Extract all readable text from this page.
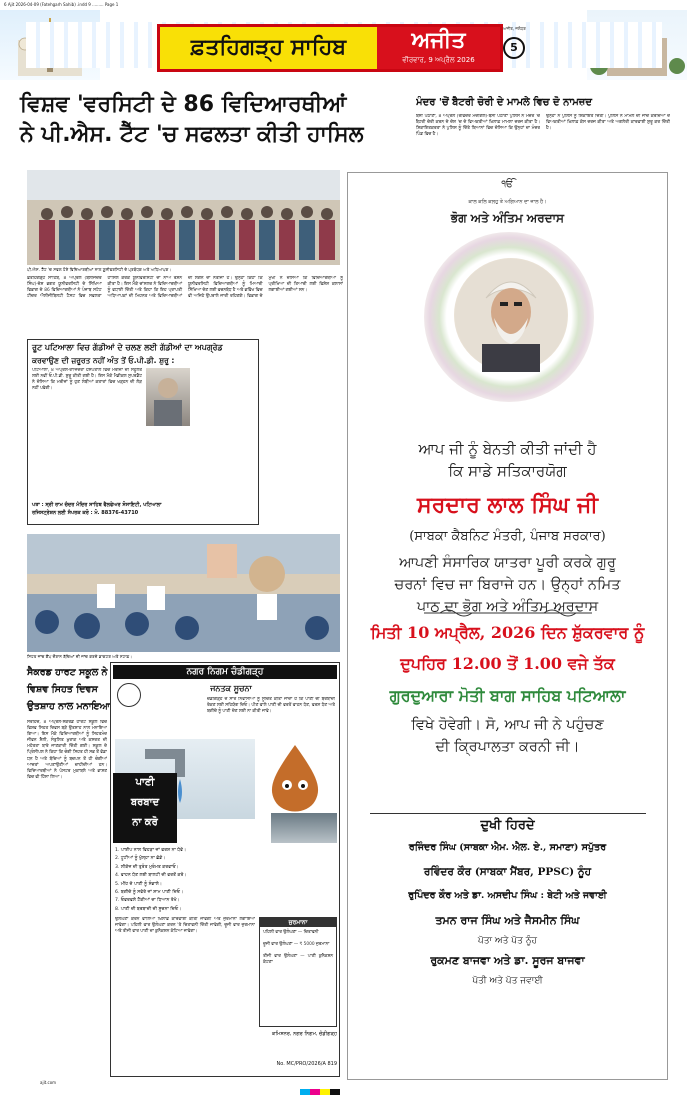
6 Ajit 2026-04-09 (Fatehgarh Sahib) .indd 9 ......... Page 1
ਫ਼ਤਹਿਗੜ੍ਹ ਸਾਹਿਬ	ਅਜੀਤ
ਵੀਰਵਾਰ, 9 ਅਪ੍ਰੈਲ 2026
ਅਜੀਤ, ਜਲੰਧਰ
5
ਵਿਸ਼ਵ 'ਵਰਸਿਟੀ ਦੇ 86 ਵਿਦਿਆਰਥੀਆਂ
ਨੇ ਪੀ.ਐਸ. ਟੈੱਟ 'ਚ ਸਫਲਤਾ ਕੀਤੀ ਹਾਸਿਲ
ਮੰਦਰ 'ਚੋਂ ਬੈਟਰੀ ਚੋਰੀ ਦੇ ਮਾਮਲੇ ਵਿਚ ਦੋ ਨਾਮਜ਼ਦ
ਬਸੀ ਪਠਾਣਾਂ, 8 ਅਪ੍ਰੈਲ (ਰਵਿੰਦਰ ਮੌਦਗਿਲ)-ਬਸੀ ਪਠਾਣਾਂ ਪੁਲਿਸ ਨੇ ਮੰਦਰ 'ਚੋਂ ਬੈਟਰੀ ਚੋਰੀ ਕਰਨ ਦੇ ਦੋਸ਼ 'ਚ ਦੋ ਵਿਅਕਤੀਆਂ ਖ਼ਿਲਾਫ਼ ਮਾਮਲਾ ਦਰਜ ਕੀਤਾ ਹੈ। ਸ਼ਿਕਾਇਤਕਰਤਾ ਨੇ ਪੁਲਿਸ ਨੂੰ ਦਿੱਤੇ ਬਿਆਨਾਂ ਵਿਚ ਦੱਸਿਆ ਕਿ ਉਨ੍ਹਾਂ ਦਾ ਮੰਦਰ ਪਿੰਡ ਵਿਚ ਹੈ।
ਉਨ੍ਹਾਂ ਨੇ ਪੁਲਿਸ ਨੂੰ ਸ਼ਿਕਾਇਤ ਦਿੱਤੀ। ਪੁਲਿਸ ਨੇ ਮਾਮਲੇ ਦੀ ਜਾਂਚ ਕਰਦਿਆਂ ਦੋ ਵਿਅਕਤੀਆਂ ਖ਼ਿਲਾਫ਼ ਕੇਸ ਦਰਜ ਕੀਤਾ ਅਤੇ ਅਗਲੇਰੀ ਕਾਰਵਾਈ ਸ਼ੁਰੂ ਕਰ ਦਿੱਤੀ ਹੈ।
ਪੀ.ਐਸ. ਟੈੱਟ 'ਚ ਸਫਲ ਹੋਏ ਵਿਦਿਆਰਥੀਆਂ ਨਾਲ ਯੂਨੀਵਰਸਿਟੀ ਦੇ ਪ੍ਰਬੰਧਕ ਅਤੇ ਅਧਿਆਪਕ।
ਫ਼ਤਹਿਗੜ੍ਹ ਸਾਹਿਬ, 8 ਅਪ੍ਰੈਲ (ਬਲਜਿੰਦਰ ਸਿੰਘ)-ਦੇਸ਼ ਭਗਤ ਯੂਨੀਵਰਸਿਟੀ ਦੇ ਸਿੱਖਿਆ ਵਿਭਾਗ ਦੇ 86 ਵਿਦਿਆਰਥੀਆਂ ਨੇ ਪੰਜਾਬ ਸਟੇਟ ਟੀਚਰ ਐਲੀਜੀਬਿਲਟੀ ਟੈਸਟ ਵਿਚ ਸਫਲਤਾ ਹਾਸਿਲ ਕਰਕੇ ਯੂਨੀਵਰਸਿਟੀ ਦਾ ਨਾਂਅ ਰੌਸ਼ਨ ਕੀਤਾ ਹੈ। ਇਸ ਮੌਕੇ ਚਾਂਸਲਰ ਨੇ ਵਿਦਿਆਰਥੀਆਂ ਨੂੰ ਵਧਾਈ ਦਿੱਤੀ ਅਤੇ ਕਿਹਾ ਕਿ ਇਹ ਪ੍ਰਾਪਤੀ ਅਧਿਆਪਕਾਂ ਦੀ ਮਿਹਨਤ ਅਤੇ ਵਿਦਿਆਰਥੀਆਂ ਦੀ ਲਗਨ ਦਾ ਨਤੀਜਾ ਹੈ। ਉਨ੍ਹਾਂ ਕਿਹਾ ਕਿ ਯੂਨੀਵਰਸਿਟੀ ਵਿਦਿਆਰਥੀਆਂ ਨੂੰ ਮਿਆਰੀ ਸਿੱਖਿਆ ਦੇਣ ਲਈ ਵਚਨਬੱਧ ਹੈ ਅਤੇ ਭਵਿੱਖ ਵਿਚ ਵੀ ਅਜਿਹੇ ਉਪਰਾਲੇ ਜਾਰੀ ਰਹਿਣਗੇ। ਵਿਭਾਗ ਦੇ ਮੁਖੀ ਨੇ ਦੱਸਿਆ ਕਿ ਵਿਦਿਆਰਥੀਆਂ ਨੂੰ ਪ੍ਰੀਖਿਆ ਦੀ ਤਿਆਰੀ ਲਈ ਵਿਸ਼ੇਸ਼ ਕਲਾਸਾਂ ਲਗਾਈਆਂ ਗਈਆਂ ਸਨ।
ਰੂਟ ਪਟਿਆਲਾ ਵਿਚ ਗੱਡੀਆਂ ਦੇ ਚਲਣ ਲਈ ਗੱਡੀਆਂ ਦਾ ਅਪਗ੍ਰੇਡ
ਕਰਵਾਉਣ ਦੀ ਜ਼ਰੂਰਤ ਨਹੀਂ ਅੰਤ ਤੋਂ ਓ.ਪੀ.ਡੀ. ਸ਼ੁਰੂ :
ਪਟਿਆਲਾ, 8 ਅਪ੍ਰੈਲ-ਰਾਜਿੰਦਰਾ ਹਸਪਤਾਲ ਵਿਚ ਮਰੀਜ਼ਾਂ ਦੀ ਸਹੂਲਤ ਲਈ ਨਵੀਂ ਓ.ਪੀ.ਡੀ. ਸ਼ੁਰੂ ਕੀਤੀ ਗਈ ਹੈ। ਇਸ ਮੌਕੇ ਮੈਡੀਕਲ ਸੁਪਰਡੈਂਟ ਨੇ ਦੱਸਿਆ ਕਿ ਮਰੀਜ਼ਾਂ ਨੂੰ ਹੁਣ ਲੰਬੀਆਂ ਕਤਾਰਾਂ ਵਿਚ ਖੜ੍ਹਨ ਦੀ ਲੋੜ ਨਹੀਂ ਪਵੇਗੀ।
ਪਤਾ : ਸ੍ਰੀ ਰਾਮ ਚੰਦਰ ਮੰਦਿਰ ਸਾਹਿਬ ਵੈਲਫੇਅਰ ਸੋਸਾਇਟੀ, ਪਟਿਆਲਾ
ਰਜਿਸਟ੍ਰੇਸ਼ਨ ਲਈ ਸੰਪਰਕ ਕਰੋ : ਮੋ. 88376-43710
ਸਿਹਤ ਜਾਂਚ ਕੈਂਪ ਦੌਰਾਨ ਬੱਚਿਆਂ ਦੀ ਜਾਂਚ ਕਰਦੇ ਡਾਕਟਰ ਅਤੇ ਸਟਾਫ਼।
ਸੈਕਰਡ ਹਾਰਟ ਸਕੂਲ ਨੇ
ਵਿਸ਼ਵ ਸਿਹਤ ਦਿਵਸ
ਉਤਸ਼ਾਹ ਨਾਲ ਮਨਾਇਆ
ਸਰਹਿੰਦ, 8 ਅਪ੍ਰੈਲ-ਸੈਕਰਡ ਹਾਰਟ ਸਕੂਲ ਵਿਚ ਵਿਸ਼ਵ ਸਿਹਤ ਦਿਵਸ ਬੜੇ ਉਤਸ਼ਾਹ ਨਾਲ ਮਨਾਇਆ ਗਿਆ। ਇਸ ਮੌਕੇ ਵਿਦਿਆਰਥੀਆਂ ਨੂੰ ਸਿਹਤਮੰਦ ਜੀਵਨ ਸ਼ੈਲੀ, ਸੰਤੁਲਿਤ ਖ਼ੁਰਾਕ ਅਤੇ ਕਸਰਤ ਦੀ ਮਹੱਤਤਾ ਬਾਰੇ ਜਾਣਕਾਰੀ ਦਿੱਤੀ ਗਈ। ਸਕੂਲ ਦੇ ਪ੍ਰਿੰਸੀਪਲ ਨੇ ਕਿਹਾ ਕਿ ਚੰਗੀ ਸਿਹਤ ਹੀ ਸਭ ਤੋਂ ਵੱਡਾ ਧਨ ਹੈ ਅਤੇ ਬੱਚਿਆਂ ਨੂੰ ਬਚਪਨ ਤੋਂ ਹੀ ਚੰਗੀਆਂ ਆਦਤਾਂ ਅਪਣਾਉਣੀਆਂ ਚਾਹੀਦੀਆਂ ਹਨ। ਵਿਦਿਆਰਥੀਆਂ ਨੇ ਪੋਸਟਰ ਮੁਕਾਬਲੇ ਅਤੇ ਭਾਸ਼ਣ ਵਿਚ ਵੀ ਹਿੱਸਾ ਲਿਆ।
ਨਗਰ ਨਿਗਮ ਚੰਡੀਗੜ੍ਹ
ਜਨਤਕ ਸੂਚਨਾ
ਚੰਡੀਗੜ੍ਹ ਦੇ ਸਾਰੇ ਨਿਵਾਸੀਆਂ ਨੂੰ ਸੂਚਿਤ ਕੀਤਾ ਜਾਂਦਾ ਹੈ ਕਿ ਪਾਣੀ ਦੀ ਬਰਬਾਦੀ ਰੋਕਣ ਲਈ ਸਹਿਯੋਗ ਦਿਓ। ਪੀਣ ਵਾਲੇ ਪਾਣੀ ਦੀ ਵਰਤੋਂ ਵਾਹਨ ਧੋਣ, ਫਰਸ਼ ਧੋਣ ਅਤੇ ਬਗੀਚੇ ਨੂੰ ਪਾਣੀ ਦੇਣ ਲਈ ਨਾ ਕੀਤੀ ਜਾਵੇ।
ਪਾਣੀ
ਬਰਬਾਦ
ਨਾ ਕਰੋ
1. ਪਾਈਪ ਨਾਲ ਵਿਹੜਾ ਜਾਂ ਫਰਸ਼ ਨਾ ਧੋਵੋ।
2. ਟੂਟੀਆਂ ਨੂੰ ਖੁੱਲ੍ਹਾ ਨਾ ਛੱਡੋ।
3. ਲੀਕੇਜ ਦੀ ਤੁਰੰਤ ਮੁਰੰਮਤ ਕਰਵਾਓ।
4. ਵਾਹਨ ਧੋਣ ਲਈ ਬਾਲਟੀ ਦੀ ਵਰਤੋਂ ਕਰੋ।
5. ਮੀਂਹ ਦੇ ਪਾਣੀ ਨੂੰ ਸੰਭਾਲੋ।
6. ਬਗੀਚੇ ਨੂੰ ਸਵੇਰੇ ਜਾਂ ਸ਼ਾਮ ਪਾਣੀ ਦਿਓ।
7. ਓਵਰਫਲੋ ਟੈਂਕੀਆਂ ਦਾ ਧਿਆਨ ਰੱਖੋ।
8. ਪਾਣੀ ਦੀ ਬਰਬਾਦੀ ਦੀ ਸੂਚਨਾ ਦਿਓ।
ਉਲੰਘਣਾ ਕਰਨ ਵਾਲਿਆਂ ਖ਼ਿਲਾਫ਼ ਕਾਰਵਾਈ ਕੀਤੀ ਜਾਵੇਗੀ ਅਤੇ ਜੁਰਮਾਨਾ ਲਗਾਇਆ ਜਾਵੇਗਾ। ਪਹਿਲੀ ਵਾਰ ਉਲੰਘਣਾ ਕਰਨ 'ਤੇ ਚਿਤਾਵਨੀ ਦਿੱਤੀ ਜਾਵੇਗੀ, ਦੂਜੀ ਵਾਰ ਜੁਰਮਾਨਾ ਅਤੇ ਤੀਜੀ ਵਾਰ ਪਾਣੀ ਦਾ ਕੁਨੈਕਸ਼ਨ ਕੱਟਿਆ ਜਾਵੇਗਾ।
ਜੁਰਮਾਨਾ
ਪਹਿਲੀ ਵਾਰ ਉਲੰਘਣਾ — ਚਿਤਾਵਨੀ
ਦੂਜੀ ਵਾਰ ਉਲੰਘਣਾ — ₹ 5000 ਜੁਰਮਾਨਾ
ਤੀਜੀ ਵਾਰ ਉਲੰਘਣਾ — ਪਾਣੀ ਕੁਨੈਕਸ਼ਨ ਕੱਟਣਾ
ਕਮਿਸ਼ਨਰ, ਨਗਰ ਨਿਗਮ, ਚੰਡੀਗੜ੍ਹ
No. MC/PRO/2026/A 819
ੴ
ਕਾਲ ਕਲਿ ਕਲਹੁ ਤੇ ਅਗਿਆਨ ਦਾ ਜਾਲ ਹੈ।
ਭੋਗ ਅਤੇ ਅੰਤਿਮ ਅਰਦਾਸ
ਆਪ ਜੀ ਨੂੰ ਬੇਨਤੀ ਕੀਤੀ ਜਾਂਦੀ ਹੈ
ਕਿ ਸਾਡੇ ਸਤਿਕਾਰਯੋਗ
ਸਰਦਾਰ ਲਾਲ ਸਿੰਘ ਜੀ
(ਸਾਬਕਾ ਕੈਬਨਿਟ ਮੰਤਰੀ, ਪੰਜਾਬ ਸਰਕਾਰ)
ਆਪਣੀ ਸੰਸਾਰਿਕ ਯਾਤਰਾ ਪੂਰੀ ਕਰਕੇ ਗੁਰੂ
ਚਰਨਾਂ ਵਿਚ ਜਾ ਬਿਰਾਜੇ ਹਨ। ਉਨ੍ਹਾਂ ਨਮਿਤ
ਪਾਠ ਦਾ ਭੋਗ ਅਤੇ ਅੰਤਿਮ ਅਰਦਾਸ
ਮਿਤੀ 10 ਅਪ੍ਰੈਲ, 2026 ਦਿਨ ਸ਼ੁੱਕਰਵਾਰ ਨੂੰ
ਦੁਪਹਿਰ 12.00 ਤੋਂ 1.00 ਵਜੇ ਤੱਕ
ਗੁਰਦੁਆਰਾ ਮੋਤੀ ਬਾਗ ਸਾਹਿਬ ਪਟਿਆਲਾ
ਵਿਖੇ ਹੋਵੇਗੀ। ਸੋ, ਆਪ ਜੀ ਨੇ ਪਹੁੰਚਣ
ਦੀ ਕ੍ਰਿਪਾਲਤਾ ਕਰਨੀ ਜੀ।
ਦੁਖੀ ਹਿਰਦੇ
ਰਜਿੰਦਰ ਸਿੰਘ (ਸਾਬਕਾ ਐਮ. ਐਲ. ਏ., ਸਮਾਣਾ) ਸਪੁੱਤਰ
ਰਵਿੰਦਰ ਕੌਰ (ਸਾਬਕਾ ਮੈਂਬਰ, PPSC) ਨੂੰਹ
ਰੁਪਿੰਦਰ ਕੌਰ ਅਤੇ ਡਾ. ਅਸਦੀਪ ਸਿੰਘ : ਬੇਟੀ ਅਤੇ ਜਵਾਈ
ਤਮਨ ਰਾਜ ਸਿੰਘ ਅਤੇ ਜੈਸਮੀਨ ਸਿੰਘ
ਪੋਤਾ ਅਤੇ ਪੋਤ ਨੂੰਹ
ਰੁਕਮਣ ਬਾਜਵਾ ਅਤੇ ਡਾ. ਸੂਰਜ ਬਾਜਵਾ
ਪੋਤੀ ਅਤੇ ਪੋਤ ਜਵਾਈ
ajit.com
